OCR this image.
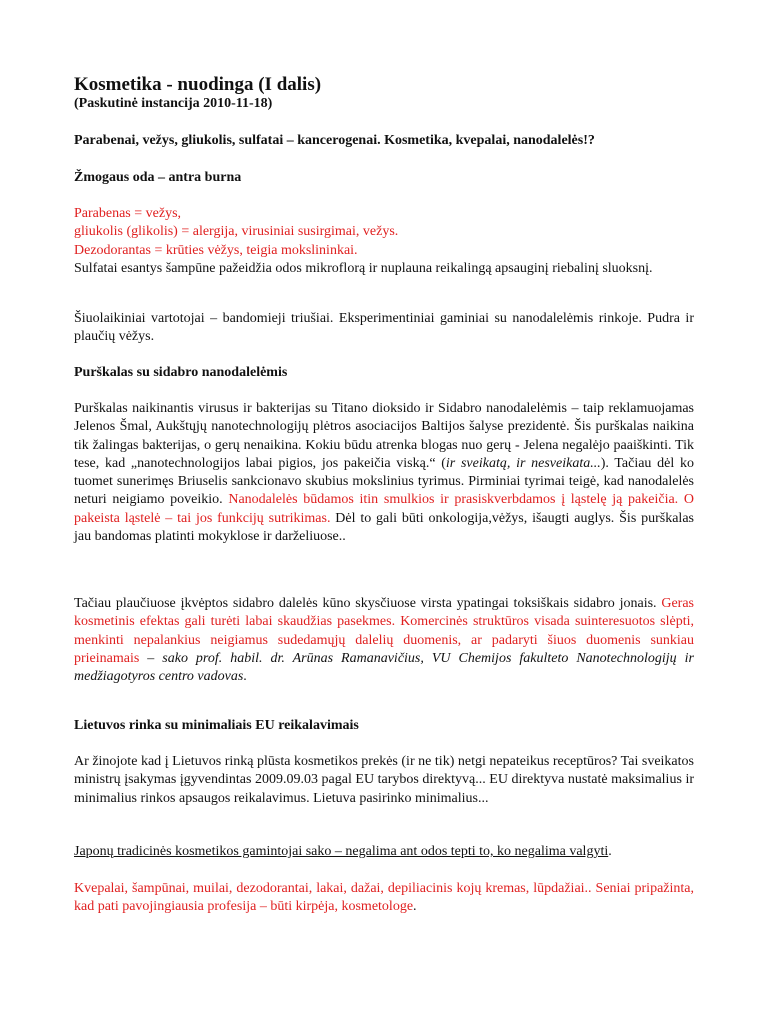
Kosmetika - nuodinga (I dalis)
(Paskutinė instancija 2010-11-18)
Parabenai, vežys, gliukolis, sulfatai – kancerogenai. Kosmetika, kvepalai, nanodalelės!?
Žmogaus oda – antra burna

Parabenas = vežys,
gliukolis (glikolis) = alergija, virusiniai susirgimai, vežys.
Dezodorantas = krūties vėžys, teigia mokslininkai.
Sulfatai esantys šampūne pažeidžia odos mikroflorą ir nuplauna reikalingą apsauginį riebalinį sluoksnį.

Šiuolaikiniai vartotojai – bandomieji triušiai. Eksperimentiniai gaminiai su nanodalelėmis rinkoje. Pudra ir plaučių vėžys.

Purškalas su sidabro nanodalelėmis

Purškalas naikinantis virusus ir bakterijas su Titano dioksido ir Sidabro nanodalelėmis – taip reklamuojamas Jelenos Šmal, Aukštųjų nanotechnologijų plėtros asociacijos Baltijos šalyse prezidentė. Šis purškalas naikina tik žalingas bakterijas, o gerų nenaikina. Kokiu būdu atrenka blogas nuo gerų - Jelena negalėjo paaiškinti. Tik tese, kad „nanotechnologijos labai pigios, jos pakeičia viską.“ (ir sveikatą, ir nesveikata...). Tačiau dėl ko tuomet sunerimęs Briuselis sankcionavo skubius mokslinius tyrimus. Pirminiai tyrimai teigė, kad nanodalelės neturi neigiamo poveikio. Nanodalelės būdamos itin smulkios ir prasiskverbdamos į ląstelę ją pakeičia. O pakeista ląstelė – tai jos funkcijų sutrikimas. Dėl to gali būti onkologija,vėžys, išaugti auglys. Šis purškalas jau bandomas platinti mokyklose ir darželiuose..

Tačiau plaučiuose įkvėptos sidabro dalelės kūno skysčiuose virsta ypatingai toksiškais sidabro jonais. Geras kosmetinis efektas gali turėti labai skaudžias pasekmes. Komercinės struktūros visada suinteresuotos slėpti, menkinti nepalankius neigiamus sudedamųjų dalelių duomenis, ar padaryti šiuos duomenis sunkiau prieinamais – sako prof. habil. dr. Arūnas Ramanavičius, VU Chemijos fakulteto Nanotechnologijų ir medžiagotyros centro vadovas.

Lietuvos rinka su minimaliais EU reikalavimais

Ar žinojote kad į Lietuvos rinką plūsta kosmetikos prekės (ir ne tik) netgi nepateikus receptūros? Tai sveikatos ministrų įsakymas įgyvendintas 2009.09.03 pagal EU tarybos direktyvą... EU direktyva nustatė maksimalius ir minimalius rinkos apsaugos reikalavimus. Lietuva pasirinko minimalius...

Japonų tradicinės kosmetikos gamintojai sako – negalima ant odos tepti to, ko negalima valgyti.

Kvepalai, šampūnai, muilai, dezodorantai, lakai, dažai, depiliacinis kojų kremas, lūpdažiai.. Seniai pripažinta, kad pati pavojingiausia profesija – būti kirpėja, kosmetologe.
